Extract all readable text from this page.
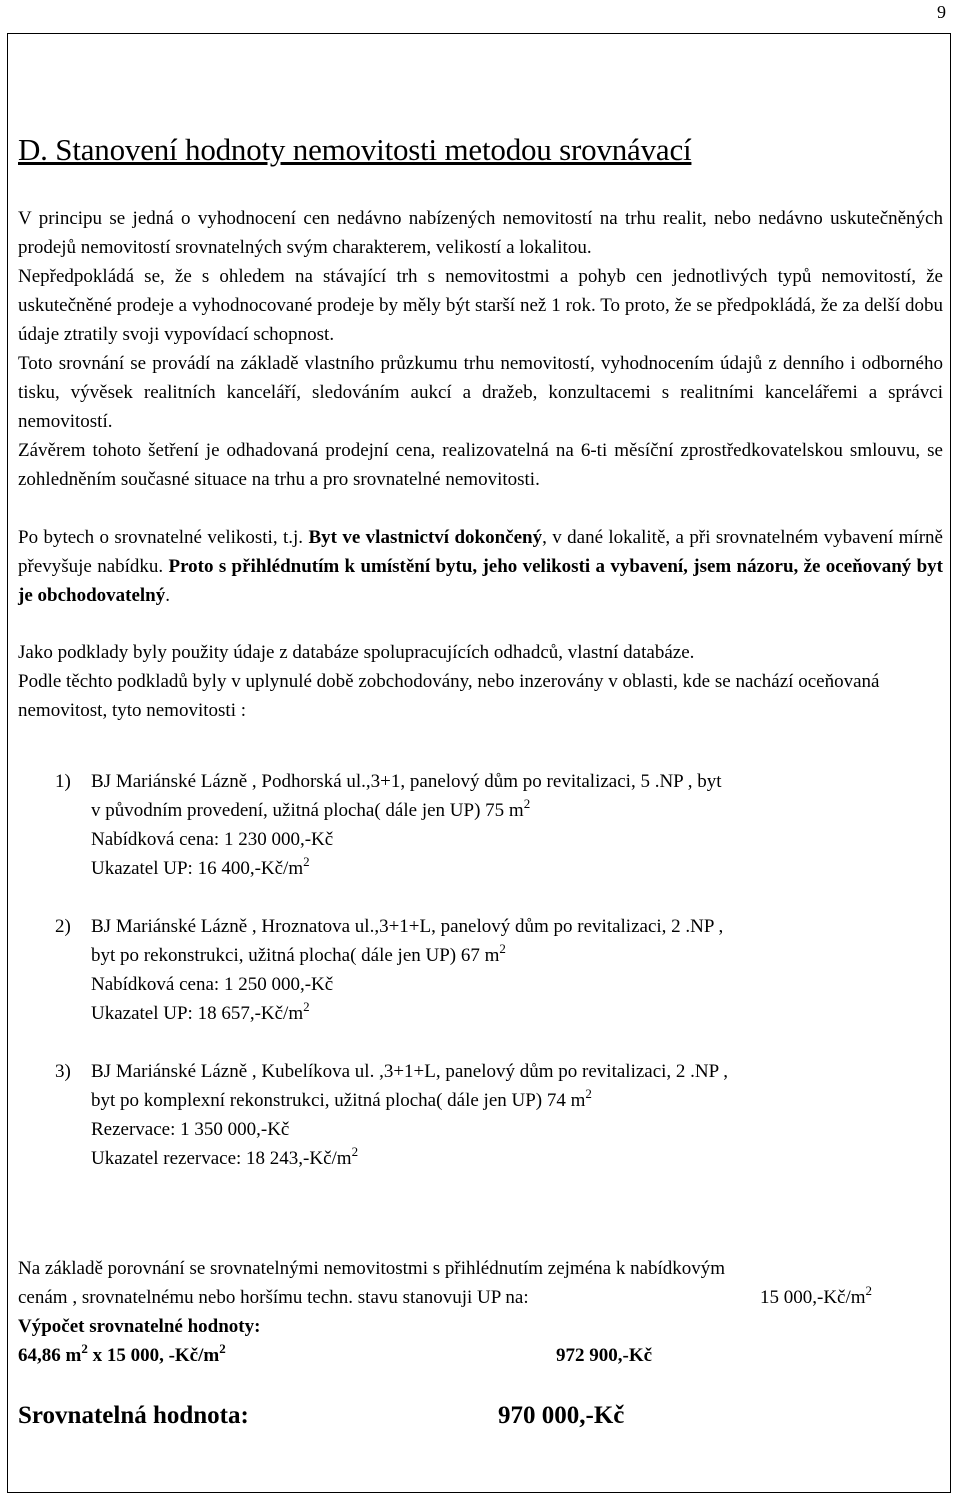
9
D. Stanovení hodnoty nemovitosti metodou srovnávací

V principu se jedná o vyhodnocení cen nedávno nabízených nemovitostí na trhu realit, nebo nedávno uskutečněných prodejů nemovitostí srovnatelných svým charakterem, velikostí a lokalitou.

Nepředpokládá se, že s ohledem na stávající trh s nemovitostmi a pohyb cen jednotlivých typů nemovitostí, že uskutečněné prodeje a vyhodnocované prodeje by měly být starší než 1 rok. To proto, že se předpokládá, že za delší dobu údaje ztratily svoji vypovídací schopnost.

Toto srovnání se provádí na základě vlastního průzkumu trhu nemovitostí, vyhodnocením údajů z denního i odborného tisku, vývěsek realitních kanceláří, sledováním aukcí a dražeb, konzultacemi s realitními kancelářemi a správci nemovitostí.

Závěrem tohoto šetření je odhadovaná prodejní cena, realizovatelná na 6-ti měsíční zprostředkovatelskou smlouvu, se zohledněním současné situace na trhu a pro srovnatelné nemovitosti.

Po bytech o srovnatelné velikosti, t.j. Byt ve vlastnictví dokončený, v dané lokalitě, a při srovnatelném vybavení mírně převyšuje nabídku. Proto s přihlédnutím k umístění bytu, jeho velikosti a vybavení, jsem názoru, že oceňovaný byt je obchodovatelný.

Jako podklady byly použity údaje z databáze spolupracujících odhadců, vlastní databáze.

Podle těchto podkladů byly v uplynulé době zobchodovány, nebo inzerovány v oblasti, kde se nachází oceňovaná nemovitost, tyto nemovitosti :

1) BJ Mariánské Lázně , Podhorská ul.,3+1, panelový dům po revitalizaci, 5 .NP , byt
v původním provedení, užitná plocha( dále jen UP) 75 $m^2$
Nabídková cena: 1 230 000,-Kč
Ukazatel UP: 16 $400,-Kč/m^2$
2) BJ Mariánské Lázně , Hroznatova ul.,3+1+L, panelový dům po revitalizaci, 2 .NP ,
byt po rekonstrukci, užitná plocha( dále jen UP) 67 $m^2$
Nabídková cena: 1 250 000,-Kč
Ukazatel UP: 18 $657,-Kč/m^2$
3) BJ Mariánské Lázně , Kubelíkova ul. ,3+1+L, panelový dům po revitalizaci, 2 .NP ,
byt po komplexní rekonstrukci, užitná plocha( dále jen UP) 74 $m^2$
Rezervace: 1 350 000,-Kč
Ukazatel rezervace: 18 $243,-Kč/m^2$
Na základě porovnání se srovnatelnými nemovitostmi s přihlédnutím zejména k nabídkovým
cenám , srovnatelnému nebo horšímu techn. stavu stanovuji UP na:	15 $000,-Kč/m^2$
Výpočet srovnatelné hodnoty:
64,86 $m^2$ x 15 000, $-Kč/m^2$	972 900,-Kč
Srovnatelná hodnota:	970 000,-Kč
